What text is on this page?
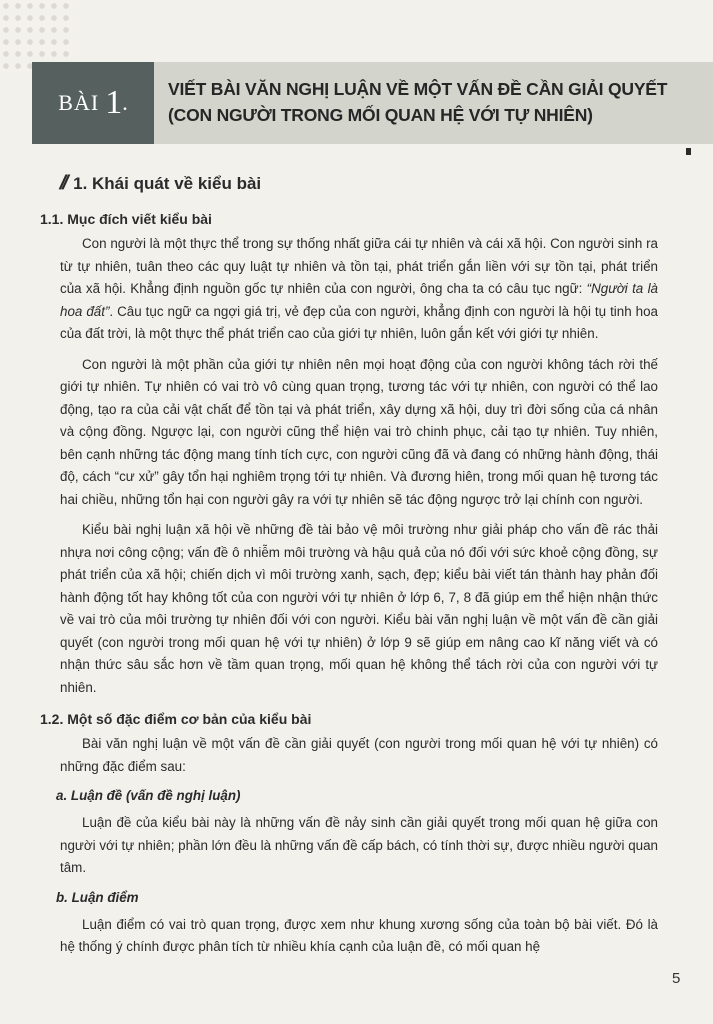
BÀI 1 .
VIẾT BÀI VĂN NGHỊ LUẬN VỀ MỘT VẤN ĐỀ CẦN GIẢI QUYẾT
(CON NGƯỜI TRONG MỐI QUAN HỆ VỚI TỰ NHIÊN)
// 1. Khái quát về kiểu bài
1.1. Mục đích viết kiểu bài

Con người là một thực thể trong sự thống nhất giữa cái tự nhiên và cái xã hội. Con người sinh ra từ tự nhiên, tuân theo các quy luật tự nhiên và tồn tại, phát triển gắn liền với sự tồn tại, phát triển của xã hội. Khẳng định nguồn gốc tự nhiên của con người, ông cha ta có câu tục ngữ: “Người ta là hoa đất”. Câu tục ngữ ca ngợi giá trị, vẻ đẹp của con người, khẳng định con người là hội tụ tinh hoa của đất trời, là một thực thể phát triển cao của giới tự nhiên, luôn gắn kết với giới tự nhiên.

Con người là một phần của giới tự nhiên nên mọi hoạt động của con người không tách rời thế giới tự nhiên. Tự nhiên có vai trò vô cùng quan trọng, tương tác với tự nhiên, con người có thể lao động, tạo ra của cải vật chất để tồn tại và phát triển, xây dựng xã hội, duy trì đời sống của cá nhân và cộng đồng. Ngược lại, con người cũng thể hiện vai trò chinh phục, cải tạo tự nhiên. Tuy nhiên, bên cạnh những tác động mang tính tích cực, con người cũng đã và đang có những hành động, thái độ, cách “cư xử” gây tổn hại nghiêm trọng tới tự nhiên. Và đương hiên, trong mối quan hệ tương tác hai chiều, những tổn hại con người gây ra với tự nhiên sẽ tác động ngược trở lại chính con người.

Kiểu bài nghị luận xã hội về những đề tài bảo vệ môi trường như giải pháp cho vấn đề rác thải nhựa nơi công cộng; vấn đề ô nhiễm môi trường và hậu quả của nó đối với sức khoẻ cộng đồng, sự phát triển của xã hội; chiến dịch vì môi trường xanh, sạch, đẹp; kiểu bài viết tán thành hay phản đối hành động tốt hay không tốt của con người với tự nhiên ở lớp 6, 7, 8 đã giúp em thể hiện nhận thức về vai trò của môi trường tự nhiên đối với con người. Kiểu bài văn nghị luận về một vấn đề cần giải quyết (con người trong mối quan hệ với tự nhiên) ở lớp 9 sẽ giúp em nâng cao kĩ năng viết và có nhận thức sâu sắc hơn về tầm quan trọng, mối quan hệ không thể tách rời của con người với tự nhiên.

1.2. Một số đặc điểm cơ bản của kiểu bài

Bài văn nghị luận về một vấn đề cần giải quyết (con người trong mối quan hệ với tự nhiên) có những đặc điểm sau:

a. Luận đề (vấn đề nghị luận)

Luận đề của kiểu bài này là những vấn đề nảy sinh cần giải quyết trong mối quan hệ giữa con người với tự nhiên; phần lớn đều là những vấn đề cấp bách, có tính thời sự, được nhiều người quan tâm.

b. Luận điểm

Luận điểm có vai trò quan trọng, được xem như khung xương sống của toàn bộ bài viết. Đó là hệ thống ý chính được phân tích từ nhiều khía cạnh của luận đề, có mối quan hệ

5
